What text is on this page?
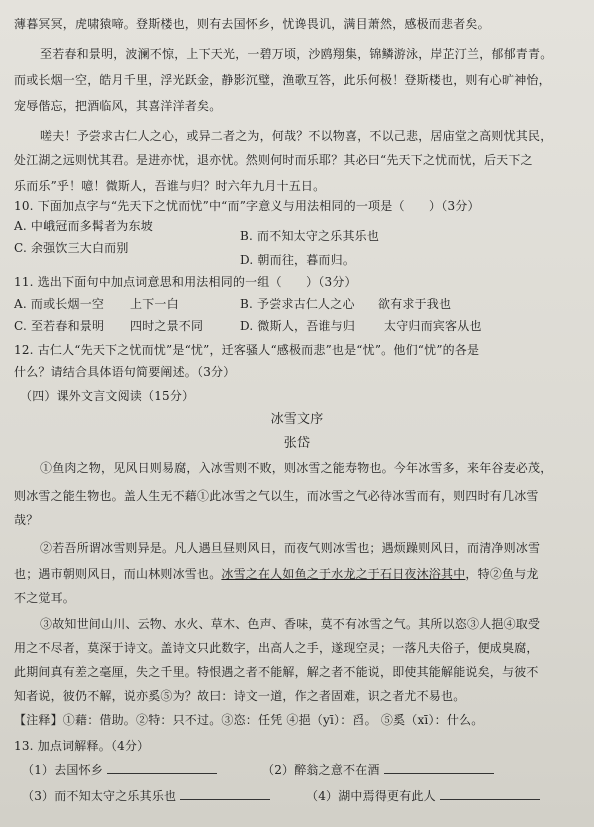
薄暮冥冥，虎啸猿啼。登斯楼也，则有去国怀乡，忧谗畏讥，满目萧然，感极而悲者矣。
至若春和景明，波澜不惊，上下天光，一碧万顷，沙鸥翔集，锦鳞游泳，岸芷汀兰，郁郁青青。
而或长烟一空，皓月千里，浮光跃金，静影沉璧，渔歌互答，此乐何极！登斯楼也，则有心旷神怡，
宠辱偕忘，把酒临风，其喜洋洋者矣。
嗟夫！予尝求古仁人之心，或异二者之为，何哉？不以物喜，不以己悲，居庙堂之高则忧其民，
处江湖之远则忧其君。是进亦忧，退亦忧。然则何时而乐耶？其必曰“先天下之忧而忧，后天下之
乐而乐”乎！噫！微斯人，吾谁与归？时六年九月十五日。
10. 下面加点字与“先天下之忧而忧”中“而”字意义与用法相同的一项是（　　）（3分）
A. 中峨冠而多髯者为东坡
B. 而不知太守之乐其乐也
C. 余强饮三大白而别
D. 朝而往，暮而归。
11. 选出下面句中加点词意思和用法相同的一组（　　）（3分）
A. 而或长烟一空 上下一白	B. 予尝求古仁人之心 欲有求于我也
C. 至若春和景明 四时之景不同	D. 微斯人，吾谁与归 太守归而宾客从也
12. 古仁人“先天下之忧而忧”是“忧”，迁客骚人“感极而悲”也是“忧”。他们“忧”的各是
什么？请结合具体语句简要阐述。（3分）
（四）课外文言文阅读（15分）
冰雪文序
张岱
①鱼肉之物，见风日则易腐，入冰雪则不败，则冰雪之能寿物也。今年冰雪多，来年谷麦必茂，
则冰雪之能生物也。盖人生无不藉①此冰雪之气以生，而冰雪之气必待冰雪而有，则四时有几冰雪
哉？
②若吾所谓冰雪则异是。凡人遇旦昼则风日，而夜气则冰雪也；遇烦躁则风日，而清净则冰雪
也；遇市朝则风日，而山林则冰雪也。冰雪之在人如鱼之于水龙之于石日夜沐浴其中，特②鱼与龙
不之觉耳。
③故知世间山川、云物、水火、草木、色声、香味，莫不有冰雪之气。其所以恣③人挹④取受
用之不尽者，莫深于诗文。盖诗文只此数字，出高人之手，遂现空灵；一落凡夫俗子，便成臭腐，
此期间真有差之毫厘，失之千里。特恨遇之者不能解，解之者不能说，即使其能解能说矣，与彼不
知者说，彼仍不解，说亦奚⑤为？故曰：诗文一道，作之者固难，识之者尤不易也。
【注释】①藉：借助。②特：只不过。③恣：任凭 ④挹（yī）：舀。 ⑤奚（xī）：什么。
13. 加点词解释。（4分）
（1）去国怀乡	（2）醉翁之意不在酒
（3）而不知太守之乐其乐也	（4）湖中焉得更有此人
